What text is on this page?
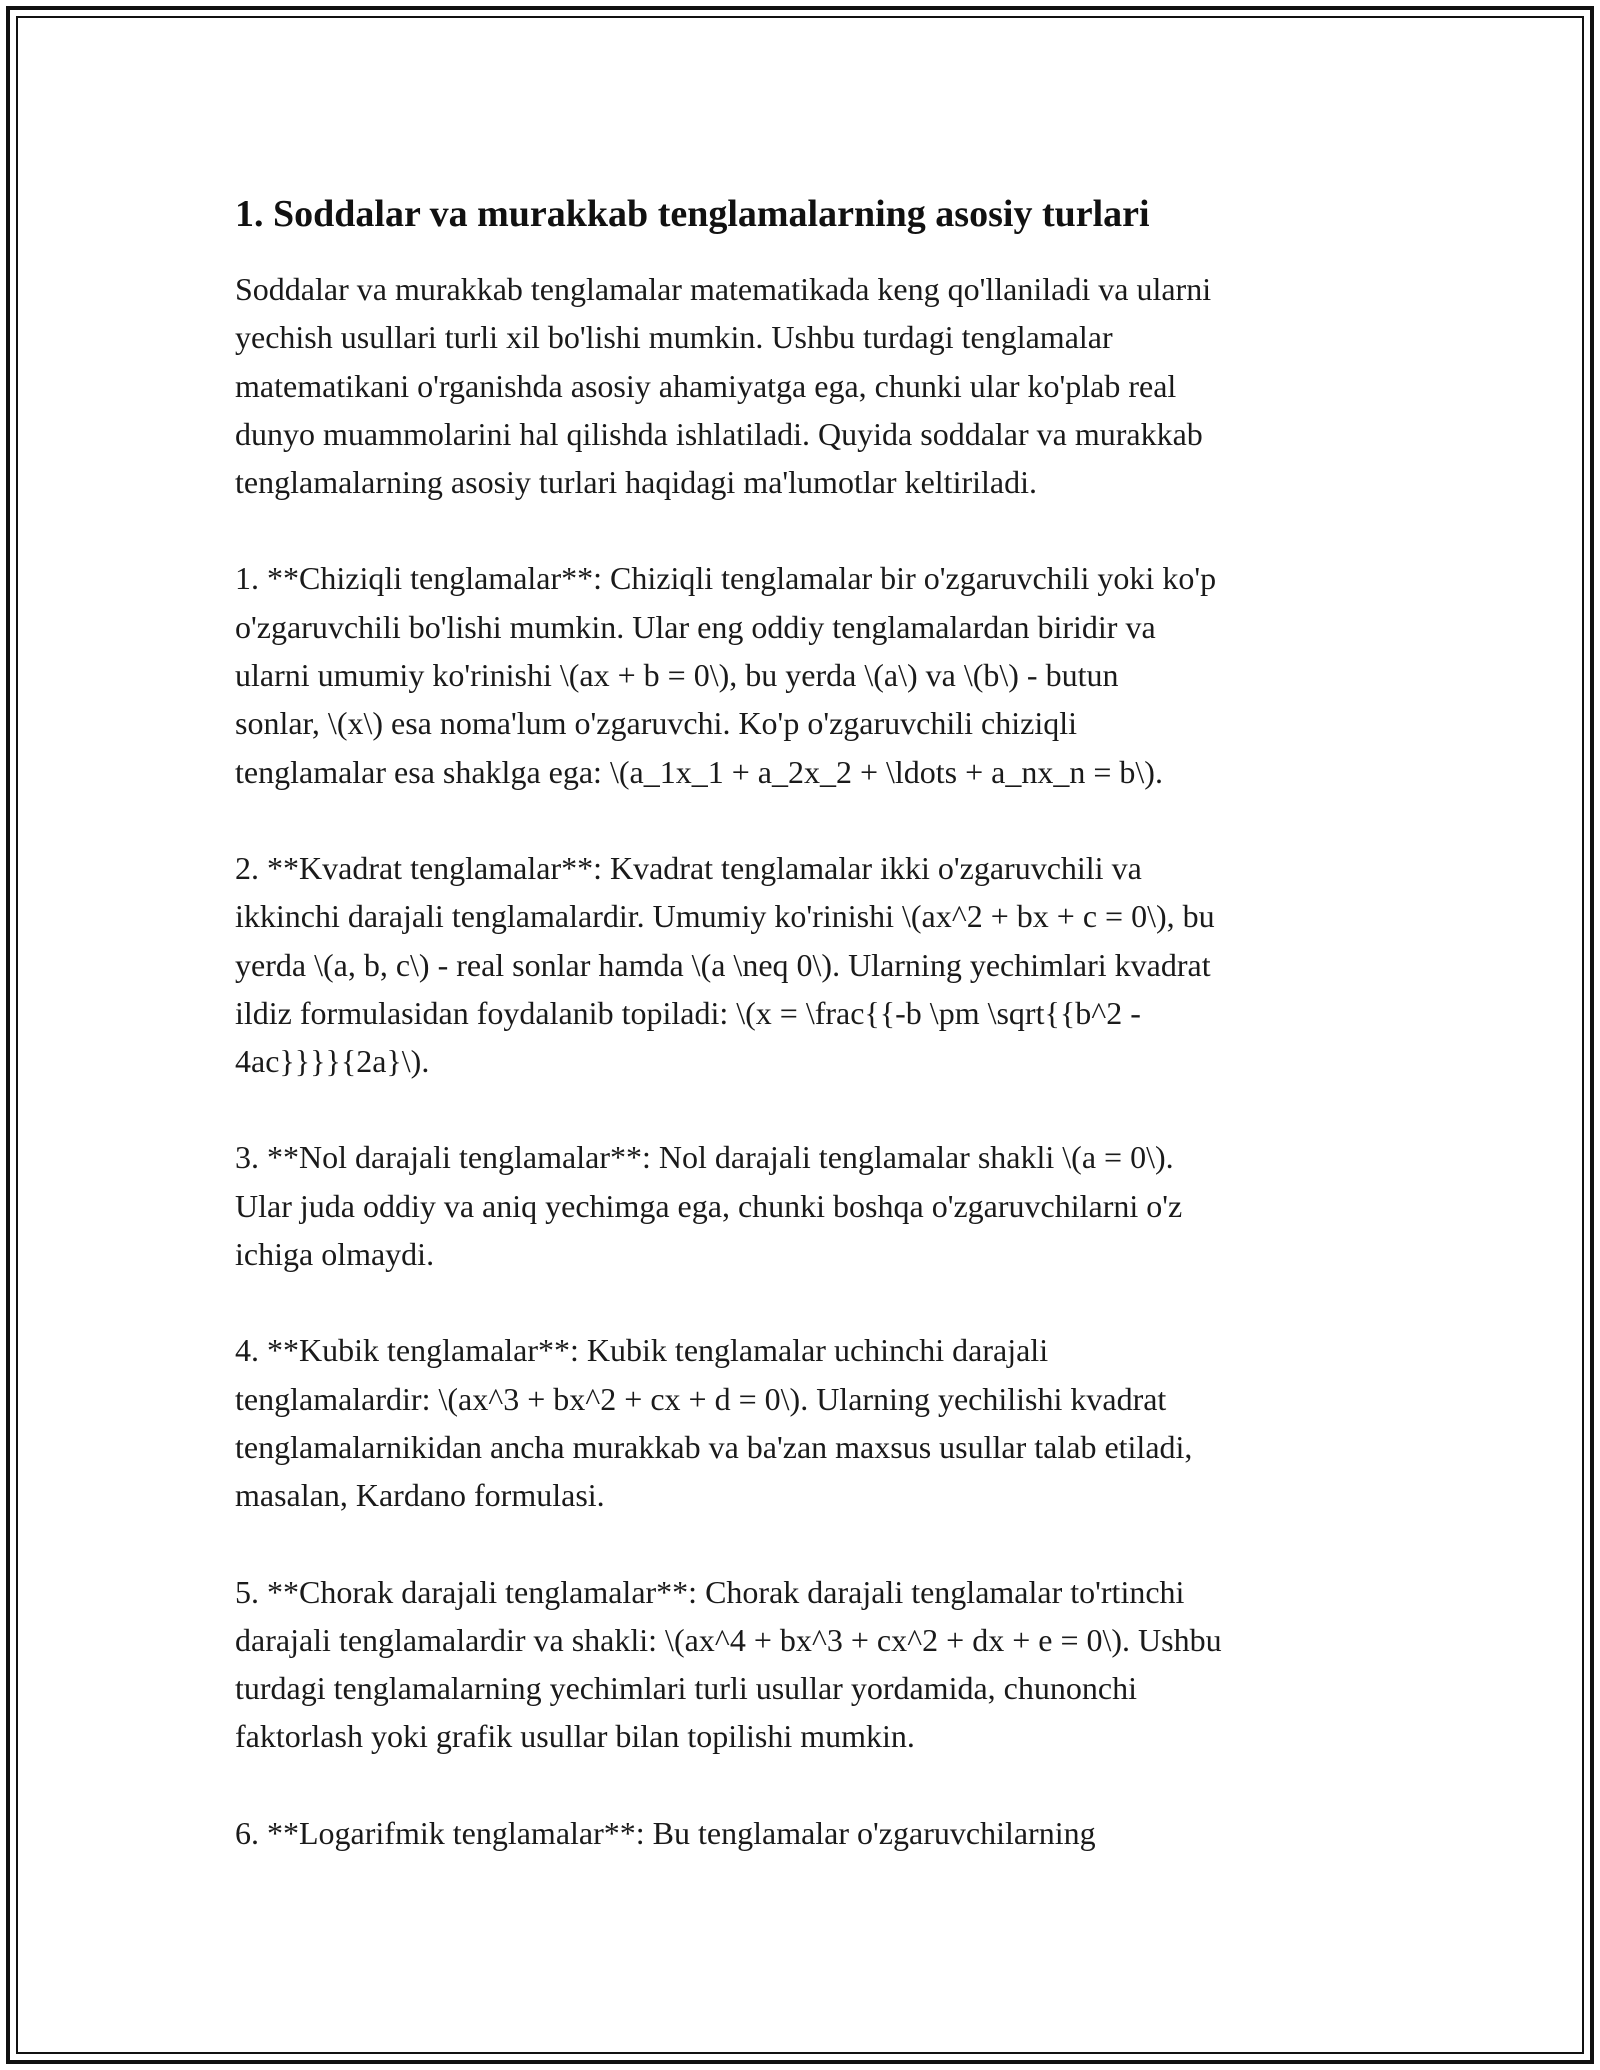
1. Soddalar va murakkab tenglamalarning asosiy turlari

Soddalar va murakkab tenglamalar matematikada keng qo'llaniladi va ularni
yechish usullari turli xil bo'lishi mumkin. Ushbu turdagi tenglamalar
matematikani o'rganishda asosiy ahamiyatga ega, chunki ular ko'plab real
dunyo muammolarini hal qilishda ishlatiladi. Quyida soddalar va murakkab
tenglamalarning asosiy turlari haqidagi ma'lumotlar keltiriladi.

1. **Chiziqli tenglamalar**: Chiziqli tenglamalar bir o'zgaruvchili yoki ko'p
o'zgaruvchili bo'lishi mumkin. Ular eng oddiy tenglamalardan biridir va
ularni umumiy ko'rinishi \(ax + b = 0\), bu yerda \(a\) va \(b\) - butun
sonlar, \(x\) esa noma'lum o'zgaruvchi. Ko'p o'zgaruvchili chiziqli
tenglamalar esa shaklga ega: \(a_1x_1 + a_2x_2 + \ldots + a_nx_n = b\).

2. **Kvadrat tenglamalar**: Kvadrat tenglamalar ikki o'zgaruvchili va
ikkinchi darajali tenglamalardir. Umumiy ko'rinishi \(ax^2 + bx + c = 0\), bu
yerda \(a, b, c\) - real sonlar hamda \(a \neq 0\). Ularning yechimlari kvadrat
ildiz formulasidan foydalanib topiladi: \(x = \frac{{-b \pm \sqrt{{b^2 -
4ac}}}}{2a}\).

3. **Nol darajali tenglamalar**: Nol darajali tenglamalar shakli \(a = 0\).
Ular juda oddiy va aniq yechimga ega, chunki boshqa o'zgaruvchilarni o'z
ichiga olmaydi.

4. **Kubik tenglamalar**: Kubik tenglamalar uchinchi darajali
tenglamalardir: \(ax^3 + bx^2 + cx + d = 0\). Ularning yechilishi kvadrat
tenglamalarnikidan ancha murakkab va ba'zan maxsus usullar talab etiladi,
masalan, Kardano formulasi.

5. **Chorak darajali tenglamalar**: Chorak darajali tenglamalar to'rtinchi
darajali tenglamalardir va shakli: \(ax^4 + bx^3 + cx^2 + dx + e = 0\). Ushbu
turdagi tenglamalarning yechimlari turli usullar yordamida, chunonchi
faktorlash yoki grafik usullar bilan topilishi mumkin.

6. **Logarifmik tenglamalar**: Bu tenglamalar o'zgaruvchilarning
